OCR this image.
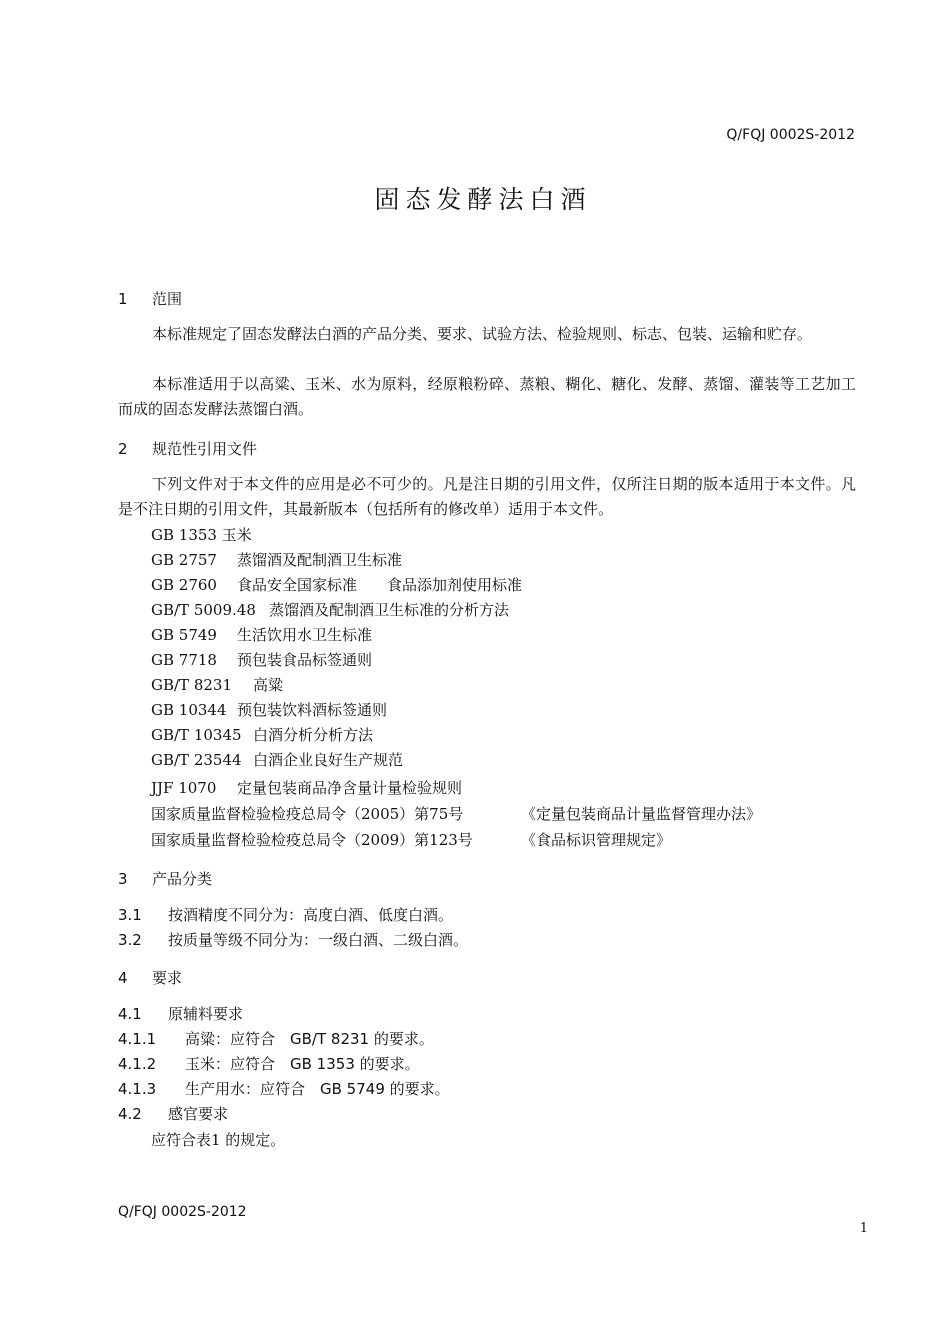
Q/FQJ 0002S-2012
固态发酵法白酒
1 范围
本标准规定了固态发酵法白酒的产品分类、要求、试验方法、检验规则、标志、包装、运输和贮存。
本标准适用于以高粱、玉米、水为原料，经原粮粉碎、蒸粮、糊化、糖化、发酵、蒸馏、灌装等工艺加工而成的固态发酵法蒸馏白酒。
2 规范性引用文件
下列文件对于本文件的应用是必不可少的。凡是注日期的引用文件，仅所注日期的版本适用于本文件。凡是不注日期的引用文件，其最新版本（包括所有的修改单）适用于本文件。
GB 1353 玉米
GB 2757 蒸馏酒及配制酒卫生标准
GB 2760 食品安全国家标准　　食品添加剂使用标准
GB/T 5009.48 蒸馏酒及配制酒卫生标准的分析方法
GB 5749 生活饮用水卫生标准
GB 7718 预包装食品标签通则
GB/T 8231 高粱
GB 10344 预包装饮料酒标签通则
GB/T 10345 白酒分析分析方法
GB/T 23544 白酒企业良好生产规范
JJF 1070 定量包装商品净含量计量检验规则
国家质量监督检验检疫总局令（2005）第75号	《定量包装商品计量监督管理办法》
国家质量监督检验检疫总局令（2009）第123号	《食品标识管理规定》
3 产品分类
3.1 按酒精度不同分为：高度白酒、低度白酒。
3.2 按质量等级不同分为：一级白酒、二级白酒。
4 要求
4.1 原辅料要求
4.1.1 高粱：应符合　GB/T 8231 的要求。
4.1.2 玉米：应符合　GB 1353 的要求。
4.1.3 生产用水：应符合　GB 5749 的要求。
4.2 感官要求
应符合表1 的规定。
Q/FQJ 0002S-2012
1
